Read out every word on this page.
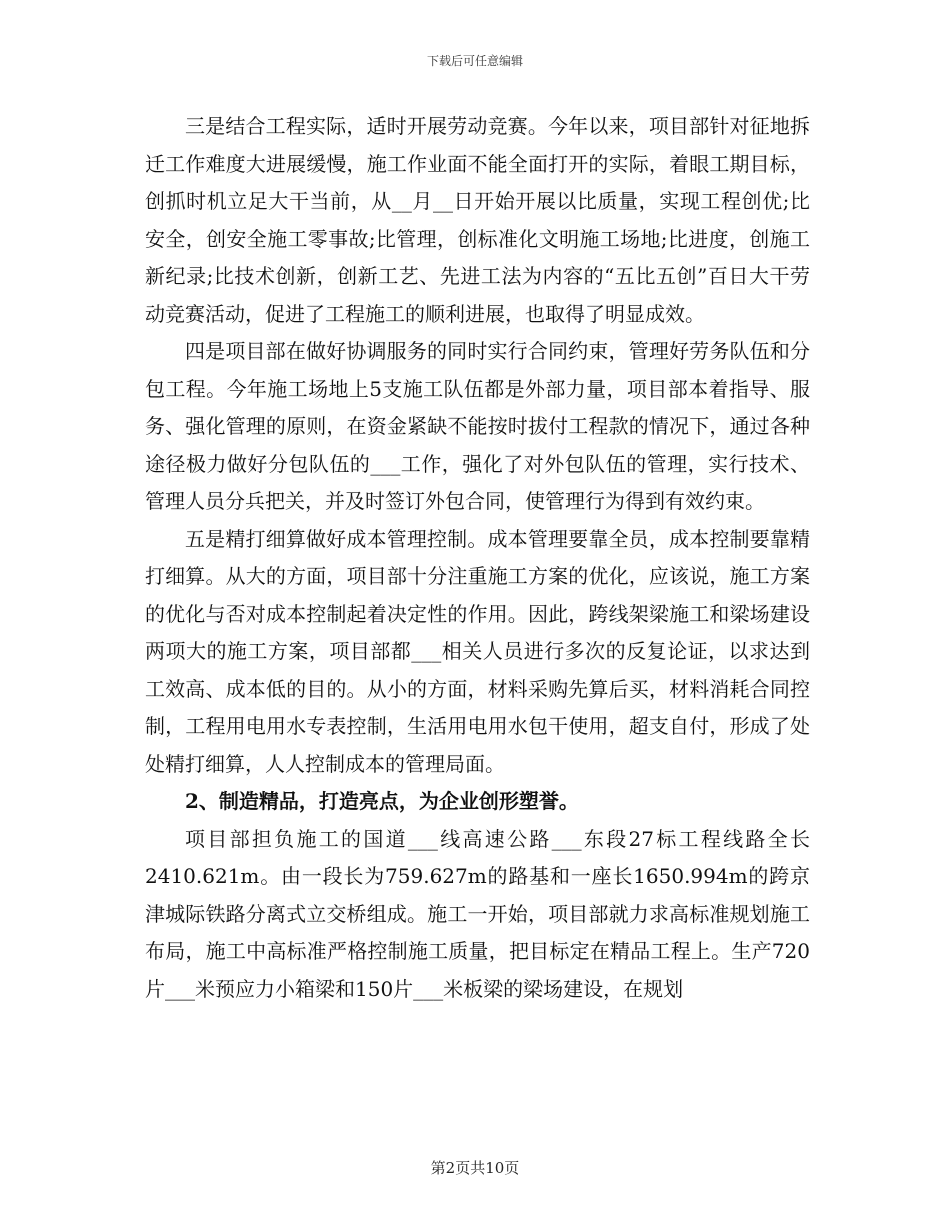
下载后可任意编辑

三是结合工程实际，适时开展劳动竞赛。今年以来，项目部针对征地拆迁工作难度大进展缓慢，施工作业面不能全面打开的实际，着眼工期目标，创抓时机立足大干当前，从__月__日开始开展以比质量，实现工程创优;比安全，创安全施工零事故;比管理，创标准化文明施工场地;比进度，创施工新纪录;比技术创新，创新工艺、先进工法为内容的“五比五创”百日大干劳动竞赛活动，促进了工程施工的顺利进展，也取得了明显成效。

四是项目部在做好协调服务的同时实行合同约束，管理好劳务队伍和分包工程。今年施工场地上5支施工队伍都是外部力量，项目部本着指导、服务、强化管理的原则，在资金紧缺不能按时拔付工程款的情况下，通过各种途径极力做好分包队伍的___工作，强化了对外包队伍的管理，实行技术、管理人员分兵把关，并及时签订外包合同，使管理行为得到有效约束。

五是精打细算做好成本管理控制。成本管理要靠全员，成本控制要靠精打细算。从大的方面，项目部十分注重施工方案的优化，应该说，施工方案的优化与否对成本控制起着决定性的作用。因此，跨线架梁施工和梁场建设两项大的施工方案，项目部都___相关人员进行多次的反复论证，以求达到工效高、成本低的目的。从小的方面，材料采购先算后买，材料消耗合同控制，工程用电用水专表控制，生活用电用水包干使用，超支自付，形成了处处精打细算，人人控制成本的管理局面。

2、制造精品，打造亮点，为企业创形塑誉。

项目部担负施工的国道___线高速公路___东段27标工程线路全长2410.621m。由一段长为759.627m的路基和一座长1650.994m的跨京津城际铁路分离式立交桥组成。施工一开始，项目部就力求高标准规划施工布局，施工中高标准严格控制施工质量，把目标定在精品工程上。生产720片___米预应力小箱梁和150片___米板梁的梁场建设，在规划

第2页共10页
